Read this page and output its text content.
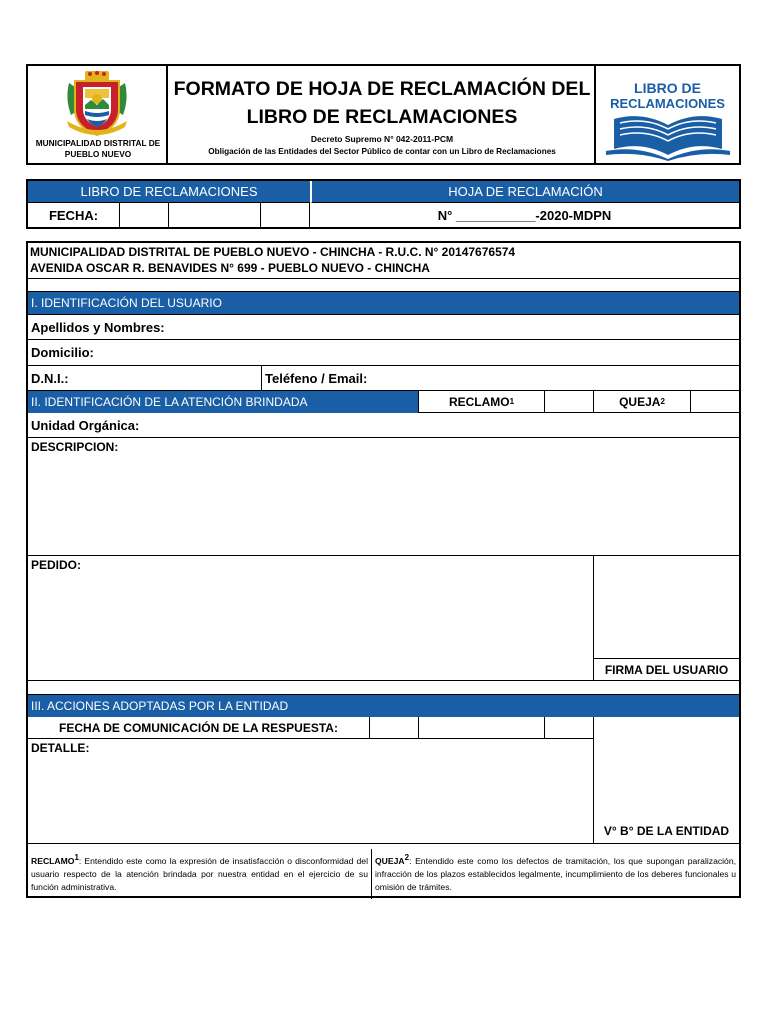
MUNICIPALIDAD DISTRITAL DE PUEBLO NUEVO
FORMATO DE HOJA DE RECLAMACIÓN DEL
LIBRO DE RECLAMACIONES
Decreto Supremo N° 042-2011-PCM
Obligación de las Entidades del Sector Público de contar con un Libro de Reclamaciones
LIBRO DE
RECLAMACIONES
LIBRO DE RECLAMACIONES	HOJA DE RECLAMACIÓN
FECHA:	N° ___________-2020-MDPN
MUNICIPALIDAD DISTRITAL DE PUEBLO NUEVO - CHINCHA - R.U.C. N° 20147676574
AVENIDA OSCAR R. BENAVIDES N° 699 - PUEBLO NUEVO - CHINCHA
I. IDENTIFICACIÓN DEL USUARIO
Apellidos y Nombres:
Domicilio:
D.N.I.:	Teléfeno / Email:
II. IDENTIFICACIÓN DE LA ATENCIÓN BRINDADA	RECLAMO 1	QUEJA 2
Unidad Orgánica:
DESCRIPCION:
PEDIDO:
FIRMA DEL USUARIO
III. ACCIONES ADOPTADAS POR LA ENTIDAD
FECHA DE COMUNICACIÓN DE LA RESPUESTA:
DETALLE:
V° B° DE LA ENTIDAD
RECLAMO$^1$: Entendido este como la expresión de insatisfacción o disconformidad del usuario respecto de la atención brindada por nuestra entidad en el ejercicio de su función administrativa.
QUEJA$^2$: Entendido este como los defectos de tramitación, los que supongan paralización, infracción de los plazos establecidos legalmente, incumplimiento de los deberes funcionales u omisión de trámites.
